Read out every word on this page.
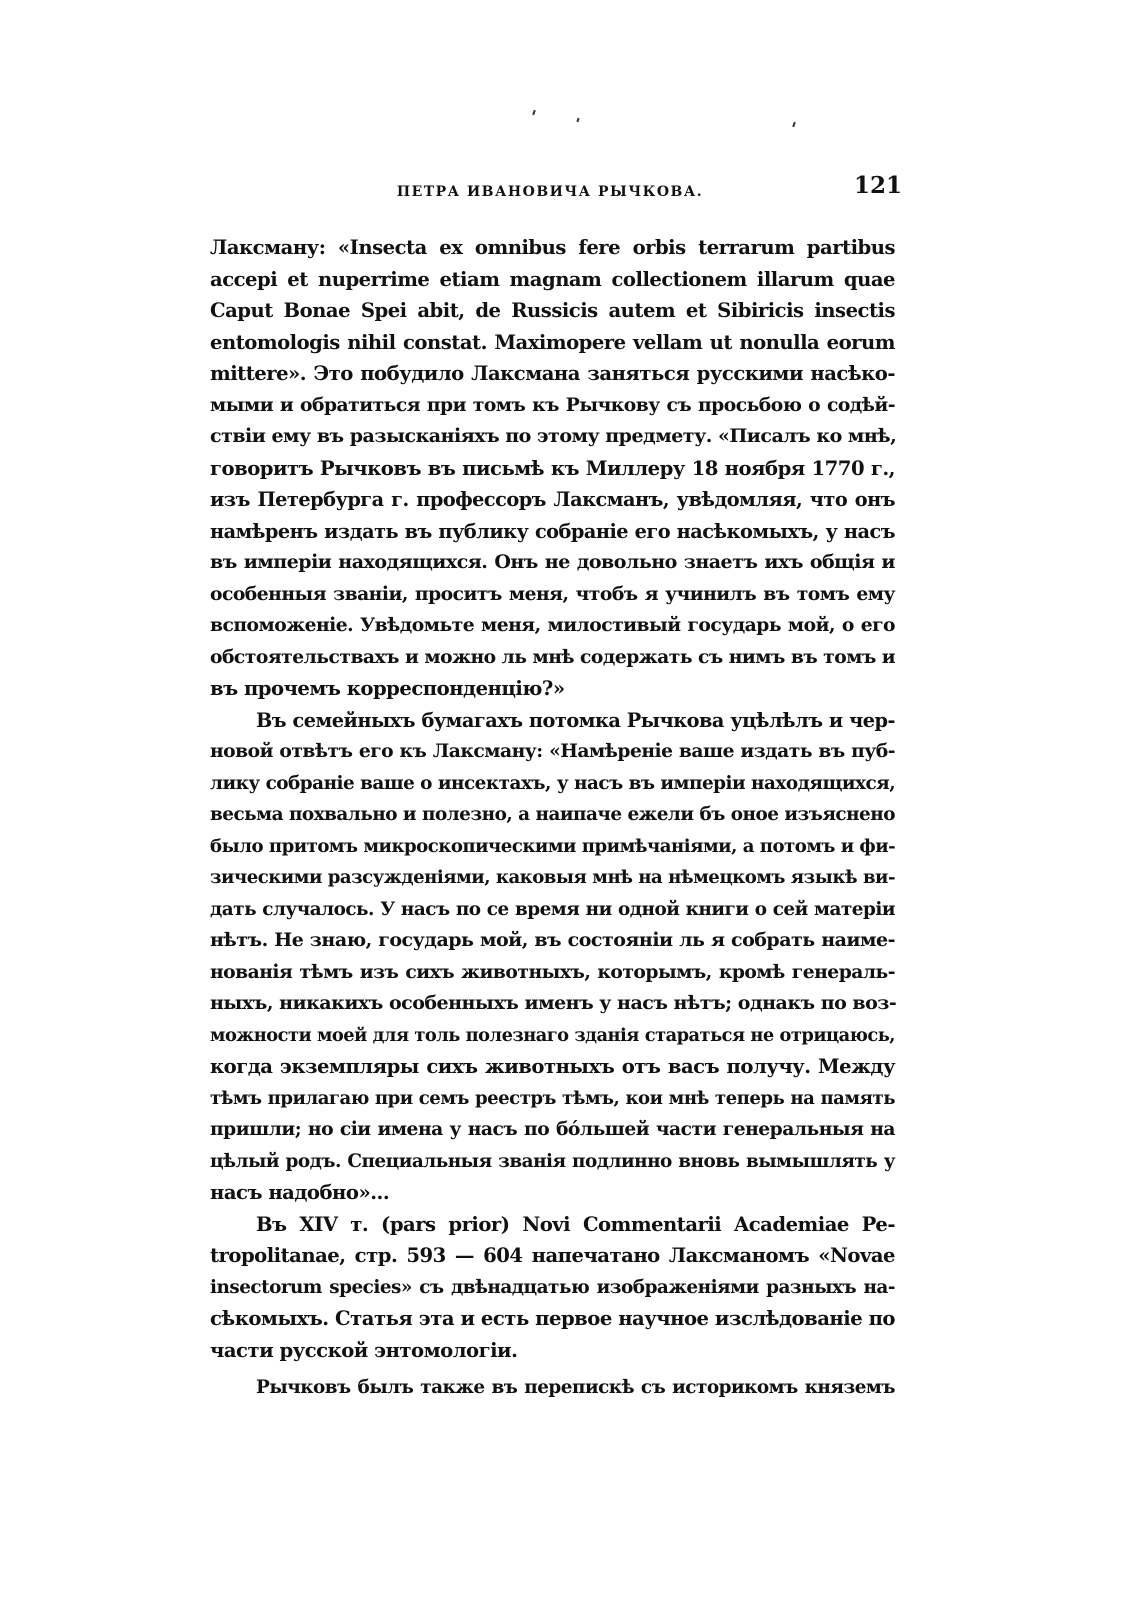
ПЕТРА ИВАНОВИЧА РЫЧКОВА.	121
Лаксману: «Insecta ex omnibus fere orbis terrarum partibus
accepi et nuperrime etiam magnam collectionem illarum quae
Caput Bonae Spei abit, de Russicis autem et Sibiricis insectis
entomologis nihil constat. Maximopere vellam ut nonulla eorum
mittere». Это побудило Лаксмана заняться русскими насѣко-
мыми и обратиться при томъ къ Рычкову съ просьбою о содѣй-
ствiи ему въ разысканiяхъ по этому предмету. «Писалъ ко мнѣ,
говоритъ Рычковъ въ письмѣ къ Миллеру 18 ноября 1770 г.,
изъ Петербурга г. профессоръ Лаксманъ, увѣдомляя, что онъ
намѣренъ издать въ публику собранiе его насѣкомыхъ, у насъ
въ имперiи находящихся. Онъ не довольно знаетъ ихъ общiя и
особенныя званiи, проситъ меня, чтобъ я учинилъ въ томъ ему
вспоможенiе. Увѣдомьте меня, милостивый государь мой, о его
обстоятельствахъ и можно ль мнѣ содержать съ нимъ въ томъ и
въ прочемъ корреспонденцiю?»
Въ семейныхъ бумагахъ потомка Рычкова уцѣлѣлъ и чер-
новой отвѣтъ его къ Лаксману: «Намѣренiе ваше издать въ пуб-
лику собранiе ваше о инсектахъ, у насъ въ имперiи находящихся,
весьма похвально и полезно, а наипаче ежели бъ оное изъяснено
было притомъ микроскопическими примѣчанiями, а потомъ и фи-
зическими разсужденiями, каковыя мнѣ на нѣмецкомъ языкѣ ви-
дать случалось. У насъ по се время ни одной книги о сей матерiи
нѣтъ. Не знаю, государь мой, въ состоянiи ль я собрать наиме-
нованiя тѣмъ изъ сихъ животныхъ, которымъ, кромѣ генераль-
ныхъ, никакихъ особенныхъ именъ у насъ нѣтъ; однакъ по воз-
можности моей для толь полезнаго зданiя стараться не отрицаюсь,
когда экземпляры сихъ животныхъ отъ васъ получу. Между
тѣмъ прилагаю при семъ реестръ тѣмъ, кои мнѣ теперь на память
пришли; но сiи имена у насъ по бóльшей части генеральныя на
цѣлый родъ. Специальныя званiя подлинно вновь вымышлять у
насъ надобно»...
Въ XIV т. (pars prior) Novi Commentarii Academiae Pe-
tropolitanae, стр. 593 — 604 напечатано Лаксманомъ «Novae
insectorum species» съ двѣнадцатью изображенiями разныхъ на-
сѣкомыхъ. Статья эта и есть первое научное изслѣдованiе по
части русской энтомологiи.
Рычковъ былъ также въ перепискѣ съ историкомъ княземъ
